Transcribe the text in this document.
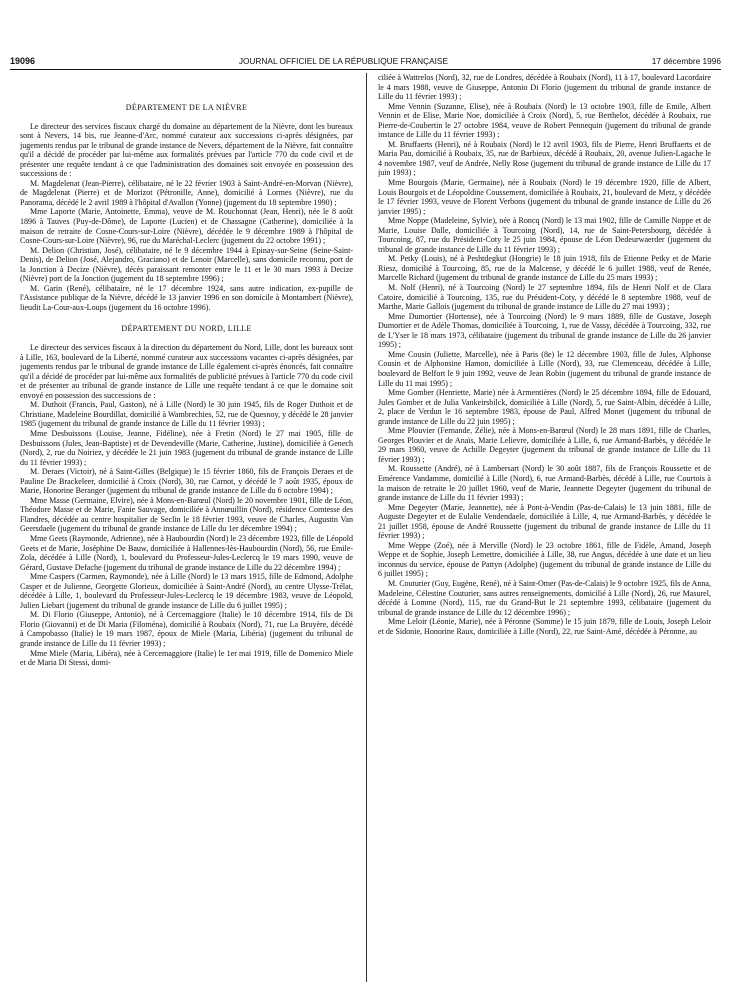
19096	JOURNAL OFFICIEL DE LA RÉPUBLIQUE FRANÇAISE	17 décembre 1996
DÉPARTEMENT DE LA NIÈVRE

Le directeur des services fiscaux chargé du domaine au département de la Nièvre, dont les bureaux sont à Nevers, 14 bis, rue Jeanne-d'Arc, nommé curateur aux successions ci-après désignées, par jugements rendus par le tribunal de grande instance de Nevers, département de la Nièvre, fait connaître qu'il a décidé de procéder par lui-même aux formalités prévues par l'article 770 du code civil et de présenter une requête tendant à ce que l'administration des domaines soit envoyée en possession des successions de :

M. Magdelenat (Jean-Pierre), célibataire, né le 22 février 1903 à Saint-André-en-Morvan (Nièvre), de Magdelenat (Pierre) et de Morizot (Pétronille, Anne), domicilié à Lormes (Nièvre), rue du Panorama, décédé le 2 avril 1989 à l'hôpital d'Avallon (Yonne) (jugement du 18 septembre 1990) ;

Mme Laporte (Marie, Antoinette, Emma), veuve de M. Rouchonnat (Jean, Henri), née le 8 août 1896 à Tauves (Puy-de-Dôme), de Laporte (Lucien) et de Chassagne (Catherine), domiciliée à la maison de retraite de Cosne-Cours-sur-Loire (Nièvre), décédée le 9 décembre 1989 à l'hôpital de Cosne-Cours-sur-Loire (Nièvre), 96, rue du Maréchal-Leclerc (jugement du 22 octobre 1991) ;

M. Delion (Christian, José), célibataire, né le 9 décembre 1944 à Epinay-sur-Seine (Seine-Saint-Denis), de Delion (José, Alejandro, Graciano) et de Lenoir (Marcelle), sans domicile reconnu, port de la Jonction à Decize (Nièvre), décès paraissant remonter entre le 11 et le 30 mars 1993 à Decize (Nièvre) port de la Jonction (jugement du 18 septembre 1996) ;

M. Garin (René), célibataire, né le 17 décembre 1924, sans autre indication, ex-pupille de l'Assistance publique de la Nièvre, décédé le 13 janvier 1996 en son domicile à Montambert (Nièvre), lieudit La-Cour-aux-Loups (jugement du 16 octobre 1996).

DÉPARTEMENT DU NORD, LILLE

Le directeur des services fiscaux à la direction du département du Nord, Lille, dont les bureaux sont à Lille, 163, boulevard de la Liberté, nommé curateur aux successions vacantes ci-après désignées, par jugements rendus par le tribunal de grande instance de Lille également ci-après énoncés, fait connaître qu'il a décidé de procéder par lui-même aux formalités de publicité prévues à l'article 770 du code civil et de présenter au tribunal de grande instance de Lille une requête tendant à ce que le domaine soit envoyé en possession des successions de :

M. Duthoit (Francis, Paul, Gaston), né à Lille (Nord) le 30 juin 1945, fils de Roger Duthoit et de Christiane, Madeleine Bourdillat, domicilié à Wambrechies, 52, rue de Quesnoy, y décédé le 28 janvier 1985 (jugement du tribunal de grande instance de Lille du 11 février 1993) ;

Mme Desbuissons (Louise, Jeanne, Fidéline), née à Fretin (Nord) le 27 mai 1905, fille de Desbuissons (Jules, Jean-Baptiste) et de Devendeville (Marie, Catherine, Justine), domiciliée à Genech (Nord), 2, rue du Noiriez, y décédée le 21 juin 1983 (jugement du tribunal de grande instance de Lille du 11 février 1993) ;

M. Deraes (Victoir), né à Saint-Gilles (Belgique) le 15 février 1860, fils de François Deraes et de Pauline De Brackeleer, domicilié à Croix (Nord), 30, rue Carnot, y décédé le 7 août 1935, époux de Marie, Honorine Beranger (jugement du tribunal de grande instance de Lille du 6 octobre 1994) ;

Mme Masse (Germaine, Elvire), née à Mons-en-Barœul (Nord) le 20 novembre 1901, fille de Léon, Théodore Masse et de Marie, Fanie Sauvage, domiciliée à Annœuillin (Nord), résidence Comtesse des Flandres, décédée au centre hospitalier de Seclin le 18 février 1993, veuve de Charles, Augustin Van Geersdaele (jugement du tribunal de grande instance de Lille du 1er décembre 1994) ;

Mme Geets (Raymonde, Adrienne), née à Haubourdin (Nord) le 23 décembre 1923, fille de Léopold Geets et de Marie, Joséphine De Bauw, domiciliée à Hallennes-lès-Haubourdin (Nord), 56, rue Emile-Zola, décédée à Lille (Nord), 1, boulevard du Professeur-Jules-Leclercq le 19 mars 1990, veuve de Gérard, Gustave Defache (jugement du tribunal de grande instance de Lille du 22 décembre 1994) ;

Mme Caspers (Carmen, Raymonde), née à Lille (Nord) le 13 mars 1915, fille de Edmond, Adolphe Casper et de Julienne, Georgette Glorieux, domiciliée à Saint-André (Nord), au centre Ulysse-Trélat, décédée à Lille, 1, boulevard du Professeur-Jules-Leclercq le 19 décembre 1983, veuve de Léopold, Julien Liebart (jugement du tribunal de grande instance de Lille du 6 juillet 1995) ;

M. Di Florio (Giuseppe, Antonio), né à Cercemaggiore (Italie) le 10 décembre 1914, fils de Di Florio (Giovanni) et de Di Maria (Filoména), domicilié à Roubaix (Nord), 71, rue La Bruyère, décédé à Campobasso (Italie) le 19 mars 1987, époux de Miele (Maria, Libéria) (jugement du tribunal de grande instance de Lille du 11 février 1993) ;

Mme Miele (Maria, Libéra), née à Cercemaggiore (Italie) le 1er mai 1919, fille de Domenico Miele et de Maria Di Stessi, domi-

ciliée à Wattrelos (Nord), 32, rue de Londres, décédée à Roubaix (Nord), 11 à 17, boulevard Lacordaire le 4 mars 1988, veuve de Giuseppe, Antonio Di Florio (jugement du tribunal de grande instance de Lille du 11 février 1993) ;

Mme Vennin (Suzanne, Elise), née à Roubaix (Nord) le 13 octobre 1903, fille de Emile, Albert Vennin et de Elise, Marie Noe, domiciliée à Croix (Nord), 5, rue Berthelot, décédée à Roubaix, rue Pierre-de-Coubertin le 27 octobre 1984, veuve de Robert Pennequin (jugement du tribunal de grande instance de Lille du 11 février 1993) ;

M. Bruffaerts (Henri), né à Roubaix (Nord) le 12 avril 1903, fils de Pierre, Henri Bruffaerts et de Maria Pau, domicilié à Roubaix, 35, rue de Barbieux, décédé à Roubaix, 20, avenue Julien-Lagache le 4 novembre 1987, veuf de Andrée, Nelly Rose (jugement du tribunal de grande instance de Lille du 17 juin 1993) ;

Mme Bourgois (Marie, Germaine), née à Roubaix (Nord) le 19 décembre 1920, fille de Albert, Louis Bourgois et de Léopoldine Coussement, domiciliée à Roubaix, 21, boulevard de Metz, y décédée le 17 février 1993, veuve de Florent Verbons (jugement du tribunal de grande instance de Lille du 26 janvier 1995) ;

Mme Noppe (Madeleine, Sylvie), née à Roncq (Nord) le 13 mai 1902, fille de Camille Noppe et de Marie, Louise Dalle, domiciliée à Tourcoing (Nord), 14, rue de Saint-Petersbourg, décédée à Tourcoing, 87, rue du Président-Coty le 25 juin 1984, épouse de Léon Dedeurwaerder (jugement du tribunal de grande instance de Lille du 11 février 1993) ;

M. Petky (Louis), né à Peshtdegkut (Hongrie) le 18 juin 1918, fils de Etienne Petky et de Marie Riesz, domicilié à Tourcoing, 85, rue de la Malcense, y décédé le 6 juillet 1988, veuf de Renée, Marcelle Richard (jugement du tribunal de grande instance de Lille du 25 mars 1993) ;

M. Nolf (Henri), né à Tourcoing (Nord) le 27 septembre 1894, fils de Henri Nolf et de Clara Catoire, domicilié à Tourcoing, 135, rue du Président-Coty, y décédé le 8 septembre 1988, veuf de Marthe, Marie Gallois (jugement du tribunal de grande instance de Lille du 27 mai 1993) ;

Mme Dumortier (Hortense), née à Tourcoing (Nord) le 9 mars 1889, fille de Gustave, Joseph Dumortier et de Adèle Thomas, domiciliée à Tourcoing, 1, rue de Vassy, décédée à Tourcoing, 332, rue de L'Yser le 18 mars 1973, célibataire (jugement du tribunal de grande instance de Lille du 26 janvier 1995) ;

Mme Cousin (Juliette, Marcelle), née à Paris (8e) le 12 décembre 1903, fille de Jules, Alphonse Cousin et de Alphonsine Hamon, domiciliée à Lille (Nord), 33, rue Clemenceau, décédée à Lille, boulevard de Belfort le 9 juin 1992, veuve de Jean Robin (jugement du tribunal de grande instance de Lille du 11 mai 1995) ;

Mme Gomber (Henriette, Marie) née à Armentières (Nord) le 25 décembre 1894, fille de Edouard, Jules Gomber et de Julia Vankeirsbilck, domiciliée à Lille (Nord), 5, rue Saint-Albin, décédée à Lille, 2, place de Verdun le 16 septembre 1983, épouse de Paul, Alfred Monet (jugement du tribunal de grande instance de Lille du 22 juin 1995) ;

Mme Plouvier (Fernande, Zélie), née à Mons-en-Barœul (Nord) le 28 mars 1891, fille de Charles, Georges Plouvier et de Anaïs, Marie Lelievre, domiciliée à Lille, 6, rue Armand-Barbès, y décédée le 29 mars 1960, veuve de Achille Degeyter (jugement du tribunal de grande instance de Lille du 11 février 1993) ;

M. Roussette (André), né à Lambersart (Nord) le 30 août 1887, fils de François Roussette et de Emérence Vandamme, domicilié à Lille (Nord), 6, rue Armand-Barbès, décédé à Lille, rue Courtois à la maison de retraite le 20 juillet 1960, veuf de Marie, Jeannette Degeyter (jugement du tribunal de grande instance de Lille du 11 février 1993) ;

Mme Degeyter (Marie, Jeannette), née à Pont-à-Vendin (Pas-de-Calais) le 13 juin 1881, fille de Auguste Degeyter et de Eulalie Vendendaele, domiciliée à Lille, 4, rue Armand-Barbès, y décédée le 21 juillet 1958, épouse de André Roussette (jugement du tribunal de grande instance de Lille du 11 février 1993) ;

Mme Weppe (Zoé), née à Merville (Nord) le 23 octobre 1861, fille de Fidèle, Amand, Joseph Weppe et de Sophie, Joseph Lemettre, domiciliée à Lille, 38, rue Angus, décédée à une date et un lieu inconnus du service, épouse de Pattyn (Adolphe) (jugement du tribunal de grande instance de Lille du 6 juillet 1995) ;

M. Couturier (Guy, Eugène, René), né à Saint-Omer (Pas-de-Calais) le 9 octobre 1925, fils de Anna, Madeleine, Célestine Couturier, sans autres renseignements, domicilié à Lille (Nord), 26, rue Masurel, décédé à Lomme (Nord), 115, rue du Grand-But le 21 septembre 1993, célibataire (jugement du tribunal de grande instance de Lille du 12 décembre 1996) ;

Mme Leloir (Léonie, Marie), née à Péronne (Somme) le 15 juin 1879, fille de Louis, Joseph Leloir et de Sidonie, Honorine Raux, domiciliée à Lille (Nord), 22, rue Saint-Amé, décédée à Péronne, au
